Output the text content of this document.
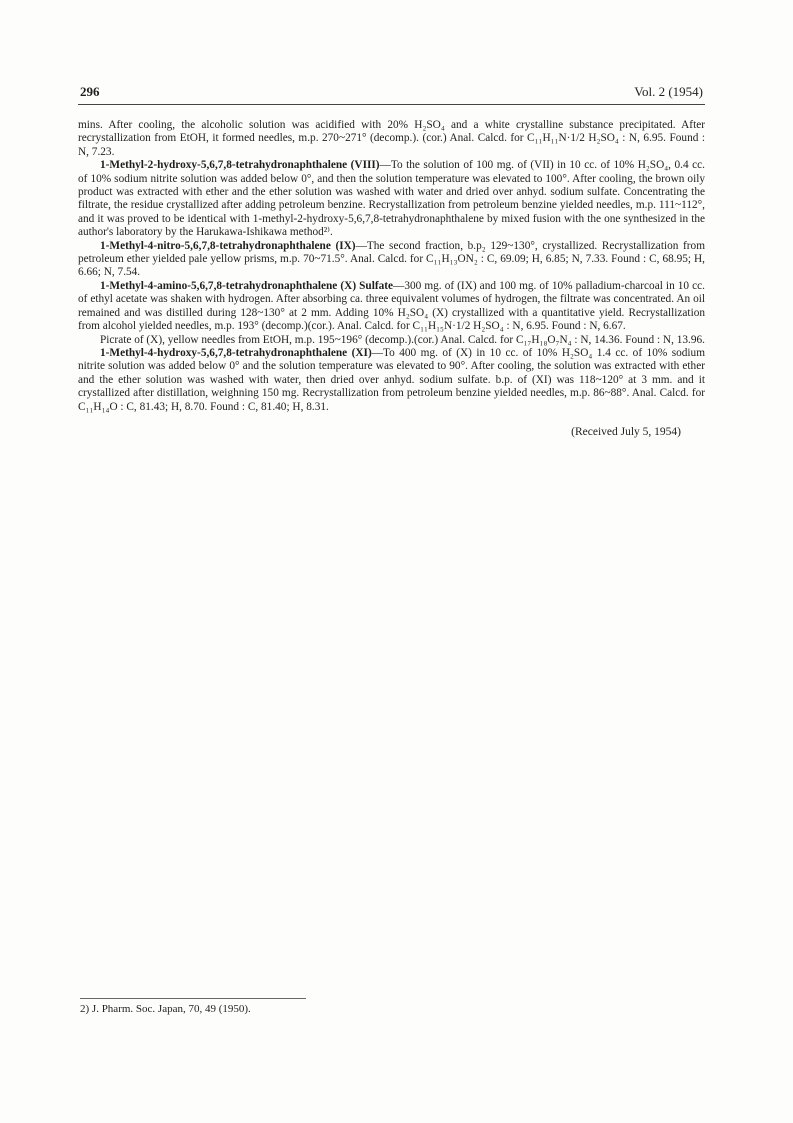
296	Vol. 2 (1954)

mins. After cooling, the alcoholic solution was acidified with 20% H₂SO₄ and a white crystalline substance precipitated. After recrystallization from EtOH, it formed needles, m.p. 270~271° (decomp.). (cor.) Anal. Calcd. for C₁₁H₁₁N·1/2 H₂SO₄ : N, 6.95. Found : N, 7.23.

1-Methyl-2-hydroxy-5,6,7,8-tetrahydronaphthalene (VIII)—To the solution of 100 mg. of (VII) in 10 cc. of 10% H₂SO₄, 0.4 cc. of 10% sodium nitrite solution was added below 0°, and then the solution temperature was elevated to 100°. After cooling, the brown oily product was extracted with ether and the ether solution was washed with water and dried over anhyd. sodium sulfate. Concentrating the filtrate, the residue crystallized after adding petroleum benzine. Recrystallization from petroleum benzine yielded needles, m.p. 111~112°, and it was proved to be identical with 1-methyl-2-hydroxy-5,6,7,8-tetrahydronaphthalene by mixed fusion with the one synthesized in the author's laboratory by the Harukawa-Ishikawa method²⁾.

1-Methyl-4-nitro-5,6,7,8-tetrahydronaphthalene (IX)—The second fraction, b.p₂ 129~130°, crystallized. Recrystallization from petroleum ether yielded pale yellow prisms, m.p. 70~71.5°. Anal. Calcd. for C₁₁H₁₃ON₂ : C, 69.09; H, 6.85; N, 7.33. Found : C, 68.95; H, 6.66; N, 7.54.

1-Methyl-4-amino-5,6,7,8-tetrahydronaphthalene (X) Sulfate—300 mg. of (IX) and 100 mg. of 10% palladium-charcoal in 10 cc. of ethyl acetate was shaken with hydrogen. After absorbing ca. three equivalent volumes of hydrogen, the filtrate was concentrated. An oil remained and was distilled during 128~130° at 2 mm. Adding 10% H₂SO₄ (X) crystallized with a quantitative yield. Recrystallization from alcohol yielded needles, m.p. 193° (decomp.)(cor.). Anal. Calcd. for C₁₁H₁₅N·1/2 H₂SO₄ : N, 6.95. Found : N, 6.67.

Picrate of (X), yellow needles from EtOH, m.p. 195~196° (decomp.).(cor.) Anal. Calcd. for C₁₇H₁₈O₇N₄ : N, 14.36. Found : N, 13.96.

1-Methyl-4-hydroxy-5,6,7,8-tetrahydronaphthalene (XI)—To 400 mg. of (X) in 10 cc. of 10% H₂SO₄ 1.4 cc. of 10% sodium nitrite solution was added below 0° and the solution temperature was elevated to 90°. After cooling, the solution was extracted with ether and the ether solution was washed with water, then dried over anhyd. sodium sulfate. b.p. of (XI) was 118~120° at 3 mm. and it crystallized after distillation, weighning 150 mg. Recrystallization from petroleum benzine yielded needles, m.p. 86~88°. Anal. Calcd. for C₁₁H₁₄O : C, 81.43; H, 8.70. Found : C, 81.40; H, 8.31.

(Received July 5, 1954)
2) J. Pharm. Soc. Japan, 70, 49 (1950).
